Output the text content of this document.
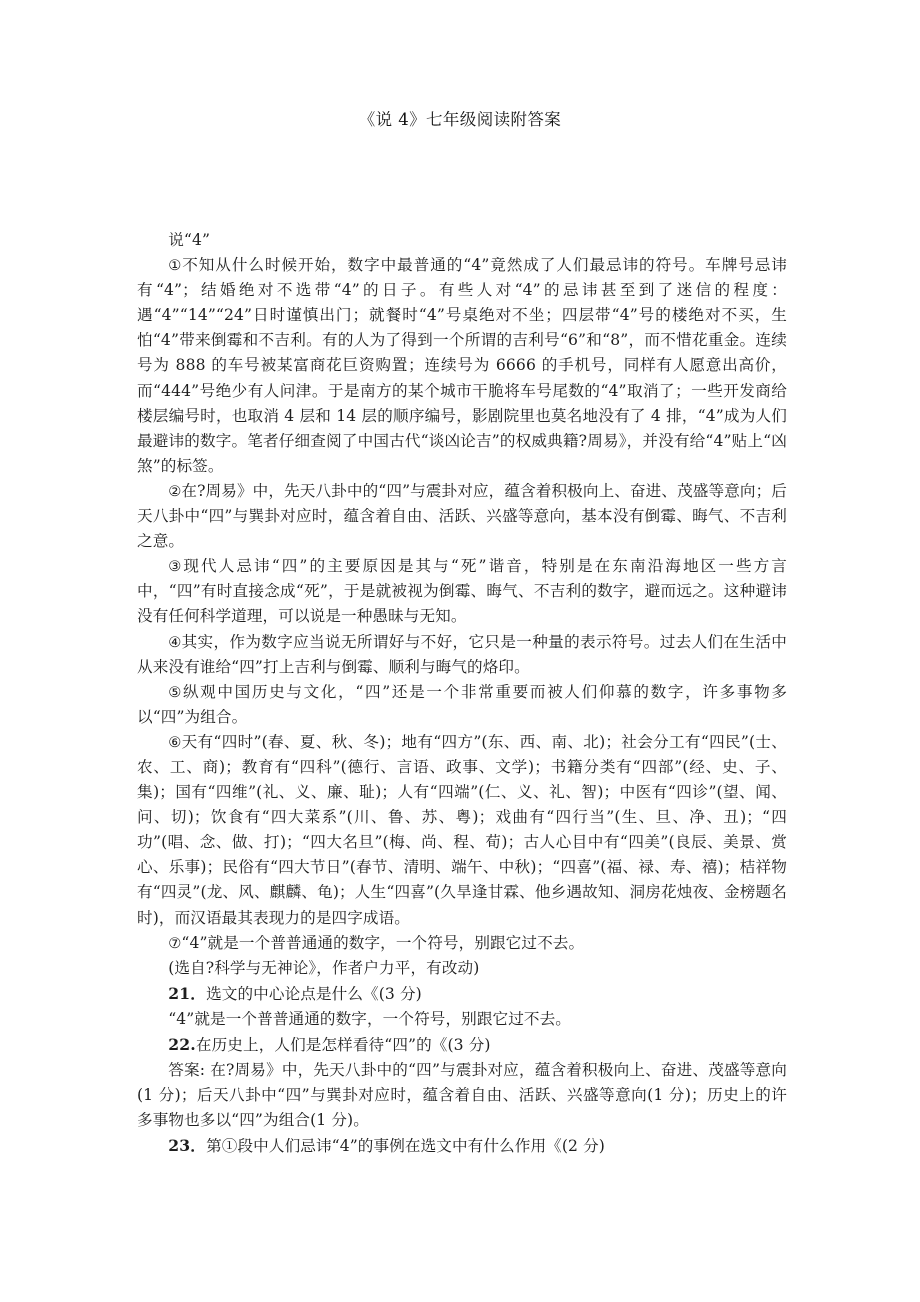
《说 4》七年级阅读附答案

说“4”

①不知从什么时候开始，数字中最普通的“4”竟然成了人们最忌讳的符号。车牌号忌讳有“4”；结婚绝对不选带“4”的日子。有些人对“4”的忌讳甚至到了迷信的程度：遇“4”“14”“24”日时谨慎出门；就餐时“4”号桌绝对不坐；四层带“4”号的楼绝对不买，生怕“4”带来倒霉和不吉利。有的人为了得到一个所谓的吉利号“6”和“8”，而不惜花重金。连续号为 888 的车号被某富商花巨资购置；连续号为 6666 的手机号，同样有人愿意出高价，而“444”号绝少有人问津。于是南方的某个城市干脆将车号尾数的“4”取消了；一些开发商给楼层编号时，也取消 4 层和 14 层的顺序编号，影剧院里也莫名地没有了 4 排，“4”成为人们最避讳的数字。笔者仔细查阅了中国古代“谈凶论吉”的权威典籍?周易》，并没有给“4”贴上“凶煞”的标签。

②在?周易》中，先天八卦中的“四”与震卦对应，蕴含着积极向上、奋进、茂盛等意向；后天八卦中“四”与巽卦对应时，蕴含着自由、活跃、兴盛等意向，基本没有倒霉、晦气、不吉利之意。

③现代人忌讳“四”的主要原因是其与“死”谐音，特别是在东南沿海地区一些方言中，“四”有时直接念成“死”，于是就被视为倒霉、晦气、不吉利的数字，避而远之。这种避讳没有任何科学道理，可以说是一种愚昧与无知。

④其实，作为数字应当说无所谓好与不好，它只是一种量的表示符号。过去人们在生活中从来没有谁给“四”打上吉利与倒霉、顺利与晦气的烙印。

⑤纵观中国历史与文化，“四”还是一个非常重要而被人们仰慕的数字，许多事物多以“四”为组合。

⑥天有“四时”(春、夏、秋、冬)；地有“四方”(东、西、南、北)；社会分工有“四民”(士、农、工、商)；教育有“四科”(德行、言语、政事、文学)；书籍分类有“四部”(经、史、子、集)；国有“四维”(礼、义、廉、耻)；人有“四端”(仁、义、礼、智)；中医有“四诊”(望、闻、问、切)；饮食有“四大菜系”(川、鲁、苏、粤)；戏曲有“四行当”(生、旦、净、丑)；“四功”(唱、念、做、打)；“四大名旦”(梅、尚、程、荀)；古人心目中有“四美”(良辰、美景、赏心、乐事)；民俗有“四大节日”(春节、清明、端午、中秋)；“四喜”(福、禄、寿、禧)；桔祥物有“四灵”(龙、风、麒麟、龟)；人生“四喜”(久旱逢甘霖、他乡遇故知、洞房花烛夜、金榜题名时)，而汉语最其表现力的是四字成语。

⑦“4”就是一个普普通通的数字，一个符号，别跟它过不去。

(选自?科学与无神论》，作者户力平，有改动)

21．选文的中心论点是什么《(3 分)

“4”就是一个普普通通的数字，一个符号，别跟它过不去。

22.在历史上，人们是怎样看待“四”的《(3 分)

答案: 在?周易》中，先天八卦中的“四”与震卦对应，蕴含着积极向上、奋进、茂盛等意向(1 分)；后天八卦中“四”与巽卦对应时，蕴含着自由、活跃、兴盛等意向(1 分)；历史上的许多事物也多以“四”为组合(1 分)。

23．第①段中人们忌讳“4”的事例在选文中有什么作用《(2 分)
